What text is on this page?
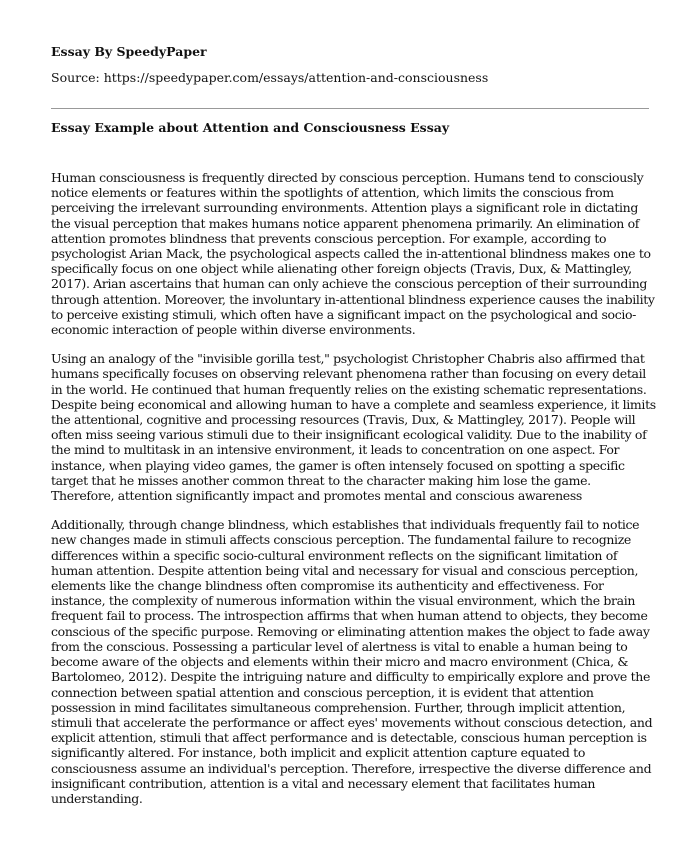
Essay By SpeedyPaper
Source: https://speedypaper.com/essays/attention-and-consciousness
Essay Example about Attention and Consciousness Essay

Human consciousness is frequently directed by conscious perception. Humans tend to consciously notice elements or features within the spotlights of attention, which limits the conscious from perceiving the irrelevant surrounding environments. Attention plays a significant role in dictating the visual perception that makes humans notice apparent phenomena primarily. An elimination of attention promotes blindness that prevents conscious perception. For example, according to psychologist Arian Mack, the psychological aspects called the in-attentional blindness makes one to specifically focus on one object while alienating other foreign objects (Travis, Dux, & Mattingley, 2017). Arian ascertains that human can only achieve the conscious perception of their surrounding through attention. Moreover, the involuntary in-attentional blindness experience causes the inability to perceive existing stimuli, which often have a significant impact on the psychological and socio-economic interaction of people within diverse environments.

Using an analogy of the "invisible gorilla test," psychologist Christopher Chabris also affirmed that humans specifically focuses on observing relevant phenomena rather than focusing on every detail in the world. He continued that human frequently relies on the existing schematic representations. Despite being economical and allowing human to have a complete and seamless experience, it limits the attentional, cognitive and processing resources (Travis, Dux, & Mattingley, 2017). People will often miss seeing various stimuli due to their insignificant ecological validity. Due to the inability of the mind to multitask in an intensive environment, it leads to concentration on one aspect. For instance, when playing video games, the gamer is often intensely focused on spotting a specific target that he misses another common threat to the character making him lose the game. Therefore, attention significantly impact and promotes mental and conscious awareness

Additionally, through change blindness, which establishes that individuals frequently fail to notice new changes made in stimuli affects conscious perception. The fundamental failure to recognize differences within a specific socio-cultural environment reflects on the significant limitation of human attention. Despite attention being vital and necessary for visual and conscious perception, elements like the change blindness often compromise its authenticity and effectiveness. For instance, the complexity of numerous information within the visual environment, which the brain frequent fail to process. The introspection affirms that when human attend to objects, they become conscious of the specific purpose. Removing or eliminating attention makes the object to fade away from the conscious. Possessing a particular level of alertness is vital to enable a human being to become aware of the objects and elements within their micro and macro environment (Chica, & Bartolomeo, 2012). Despite the intriguing nature and difficulty to empirically explore and prove the connection between spatial attention and conscious perception, it is evident that attention possession in mind facilitates simultaneous comprehension. Further, through implicit attention, stimuli that accelerate the performance or affect eyes' movements without conscious detection, and explicit attention, stimuli that affect performance and is detectable, conscious human perception is significantly altered. For instance, both implicit and explicit attention capture equated to consciousness assume an individual's perception. Therefore, irrespective the diverse difference and insignificant contribution, attention is a vital and necessary element that facilitates human understanding.
